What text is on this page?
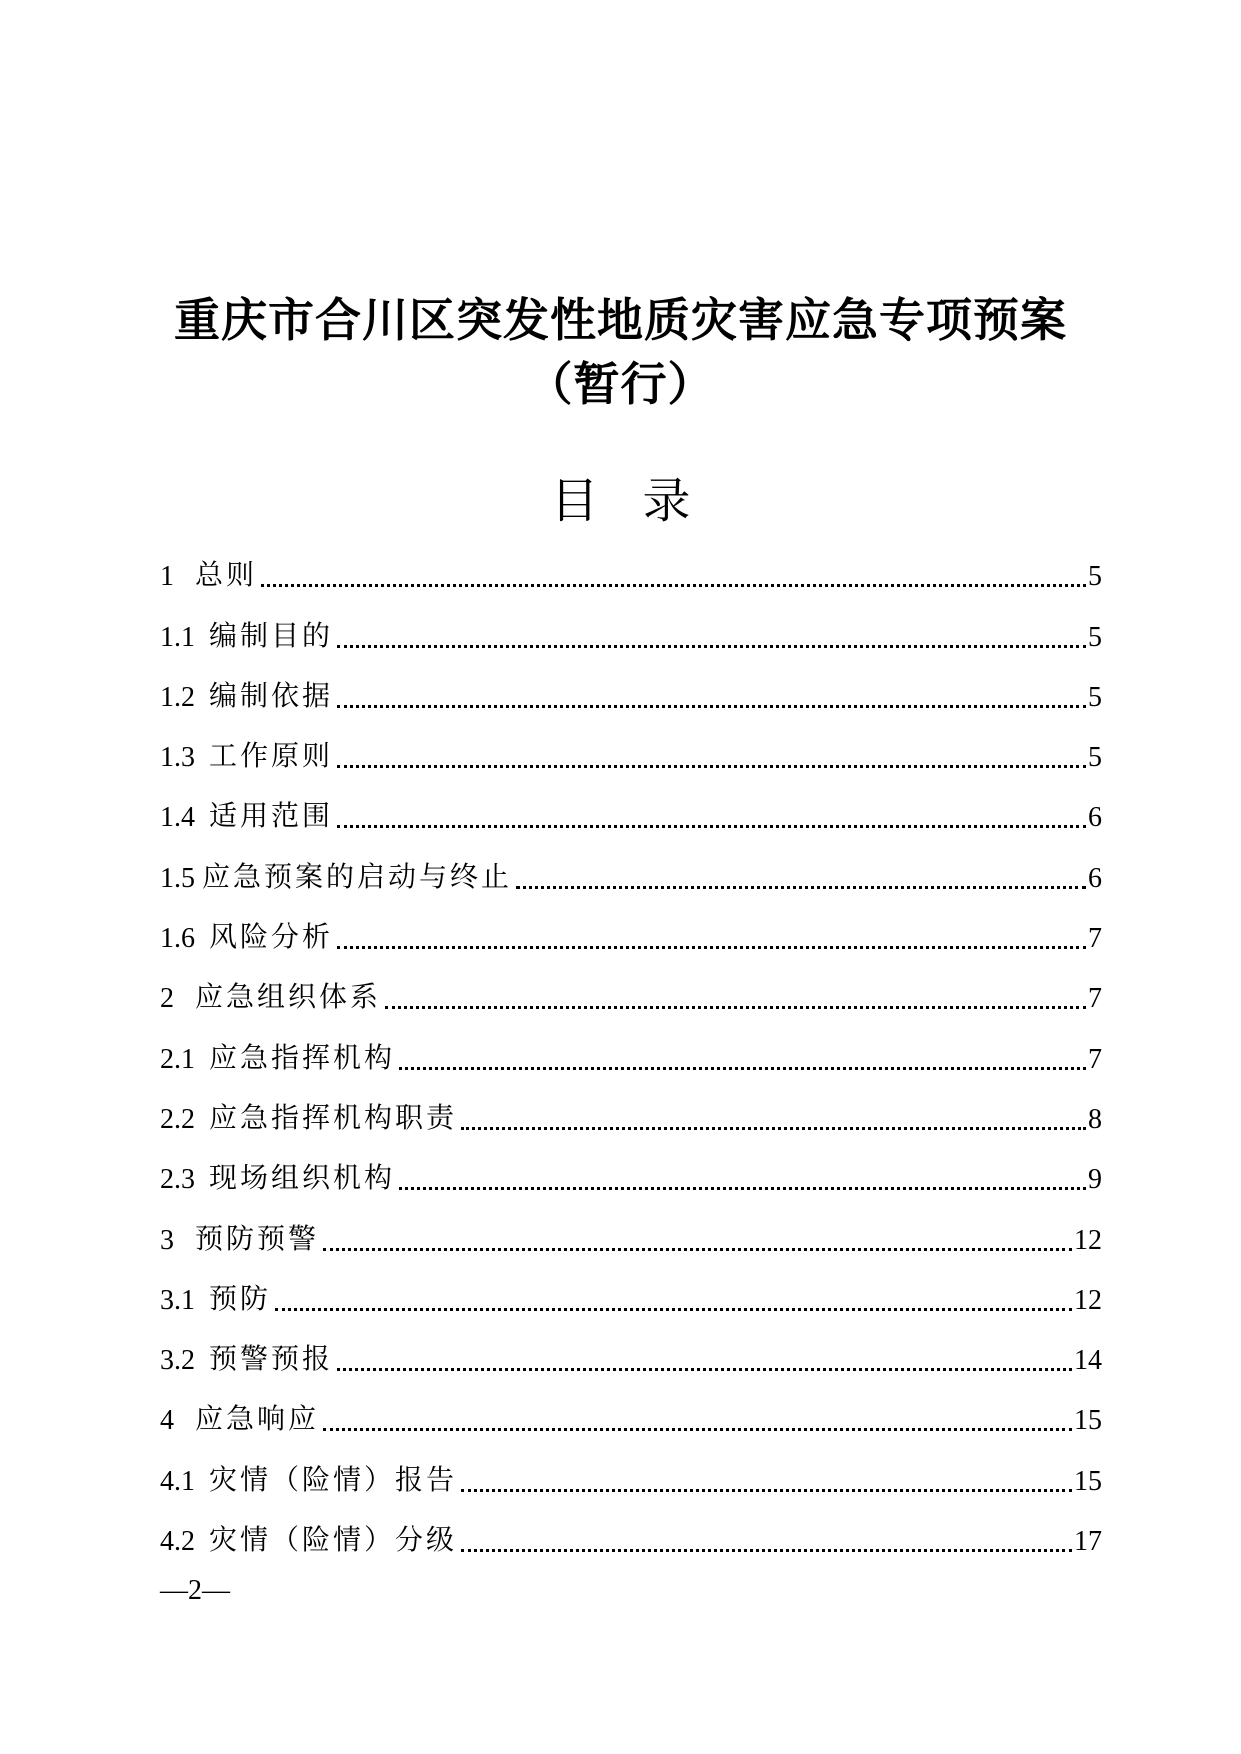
重庆市合川区突发性地质灾害应急专项预案
（暂行）
目 录
1 总则	5
1.1 编制目的	5
1.2 编制依据	5
1.3 工作原则	5
1.4 适用范围	6
1.5 应急预案的启动与终止	6
1.6 风险分析	7
2 应急组织体系	7
2.1 应急指挥机构	7
2.2 应急指挥机构职责	8
2.3 现场组织机构	9
3 预防预警	12
3.1 预防	12
3.2 预警预报	14
4 应急响应	15
4.1 灾情（险情）报告	15
4.2 灾情（险情）分级	17
—2—
